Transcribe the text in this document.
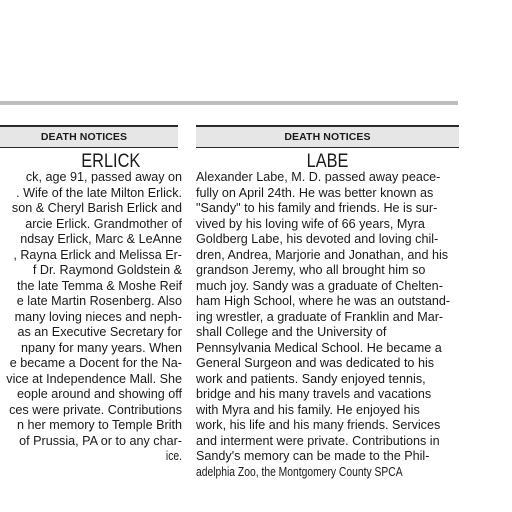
DEATH NOTICES
ERLICK
ck, age 91, passed away on
. Wife of the late Milton Erlick.
son & Cheryl Barish Erlick and
arcie Erlick. Grandmother of
ndsay Erlick, Marc & LeAnne
, Rayna Erlick and Melissa Er-
f Dr. Raymond Goldstein &
the late Temma & Moshe Reif
e late Martin Rosenberg. Also
many loving nieces and neph-
as an Executive Secretary for
npany for many years. When
e became a Docent for the Na-
vice at Independence Mall. She
eople around and showing off
ces were private. Contributions
n her memory to Temple Brith
of Prussia, PA or to any char-
ice.
DEATH NOTICES
LABE
Alexander Labe, M. D. passed away peace-
fully on April 24th. He was better known as
"Sandy" to his family and friends. He is sur-
vived by his loving wife of 66 years, Myra
Goldberg Labe, his devoted and loving chil-
dren, Andrea, Marjorie and Jonathan, and his
grandson Jeremy, who all brought him so
much joy. Sandy was a graduate of Chelten-
ham High School, where he was an outstand-
ing wrestler, a graduate of Franklin and Mar-
shall College and the University of
Pennsylvania Medical School. He became a
General Surgeon and was dedicated to his
work and patients. Sandy enjoyed tennis,
bridge and his many travels and vacations
with Myra and his family. He enjoyed his
work, his life and his many friends. Services
and interment were private. Contributions in
Sandy's memory can be made to the Phil-
adelphia Zoo, the Montgomery County SPCA
